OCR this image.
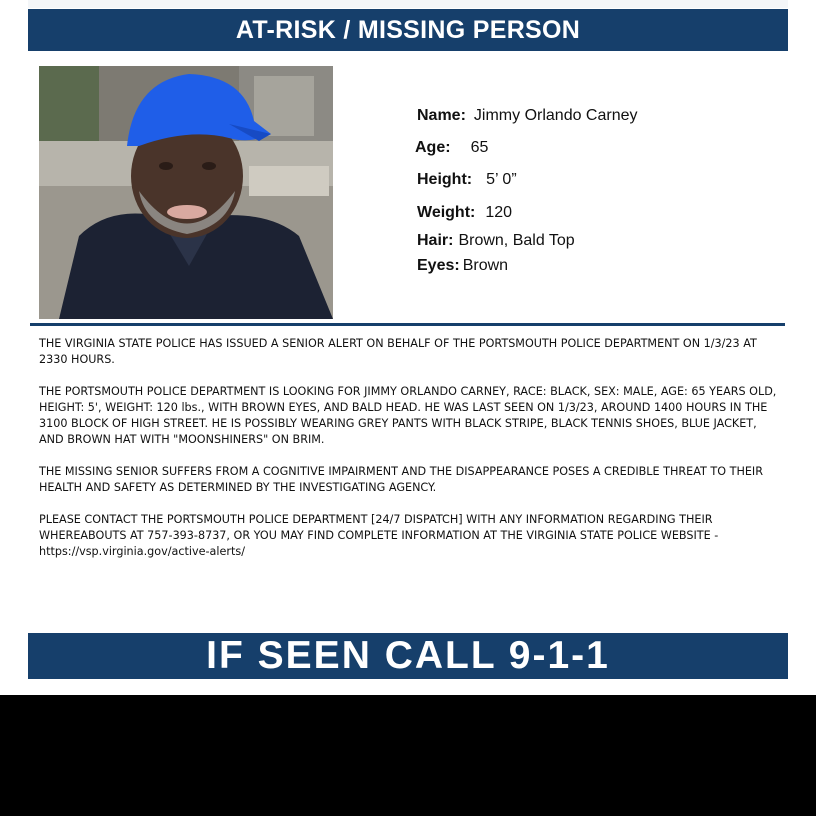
AT-RISK / MISSING PERSON
Name: Jimmy Orlando Carney
Age: 65
Height: 5’ 0”
Weight: 120
Hair: Brown, Bald Top
Eyes: Brown

THE VIRGINIA STATE POLICE HAS ISSUED A SENIOR ALERT ON BEHALF OF THE PORTSMOUTH POLICE DEPARTMENT ON 1/3/23 AT 2330 HOURS.

THE PORTSMOUTH POLICE DEPARTMENT IS LOOKING FOR JIMMY ORLANDO CARNEY, RACE: BLACK, SEX: MALE, AGE: 65 YEARS OLD, HEIGHT: 5', WEIGHT: 120 lbs., WITH BROWN EYES, AND BALD HEAD. HE WAS LAST SEEN ON 1/3/23, AROUND 1400 HOURS IN THE 3100 BLOCK OF HIGH STREET. HE IS POSSIBLY WEARING GREY PANTS WITH BLACK STRIPE, BLACK TENNIS SHOES, BLUE JACKET, AND BROWN HAT WITH "MOONSHINERS" ON BRIM.

THE MISSING SENIOR SUFFERS FROM A COGNITIVE IMPAIRMENT AND THE DISAPPEARANCE POSES A CREDIBLE THREAT TO THEIR HEALTH AND SAFETY AS DETERMINED BY THE INVESTIGATING AGENCY.

PLEASE CONTACT THE PORTSMOUTH POLICE DEPARTMENT [24/7 DISPATCH] WITH ANY INFORMATION REGARDING THEIR WHEREABOUTS AT 757-393-8737, OR YOU MAY FIND COMPLETE INFORMATION AT THE VIRGINIA STATE POLICE WEBSITE - https://vsp.virginia.gov/active-alerts/

IF SEEN CALL 9-1-1
